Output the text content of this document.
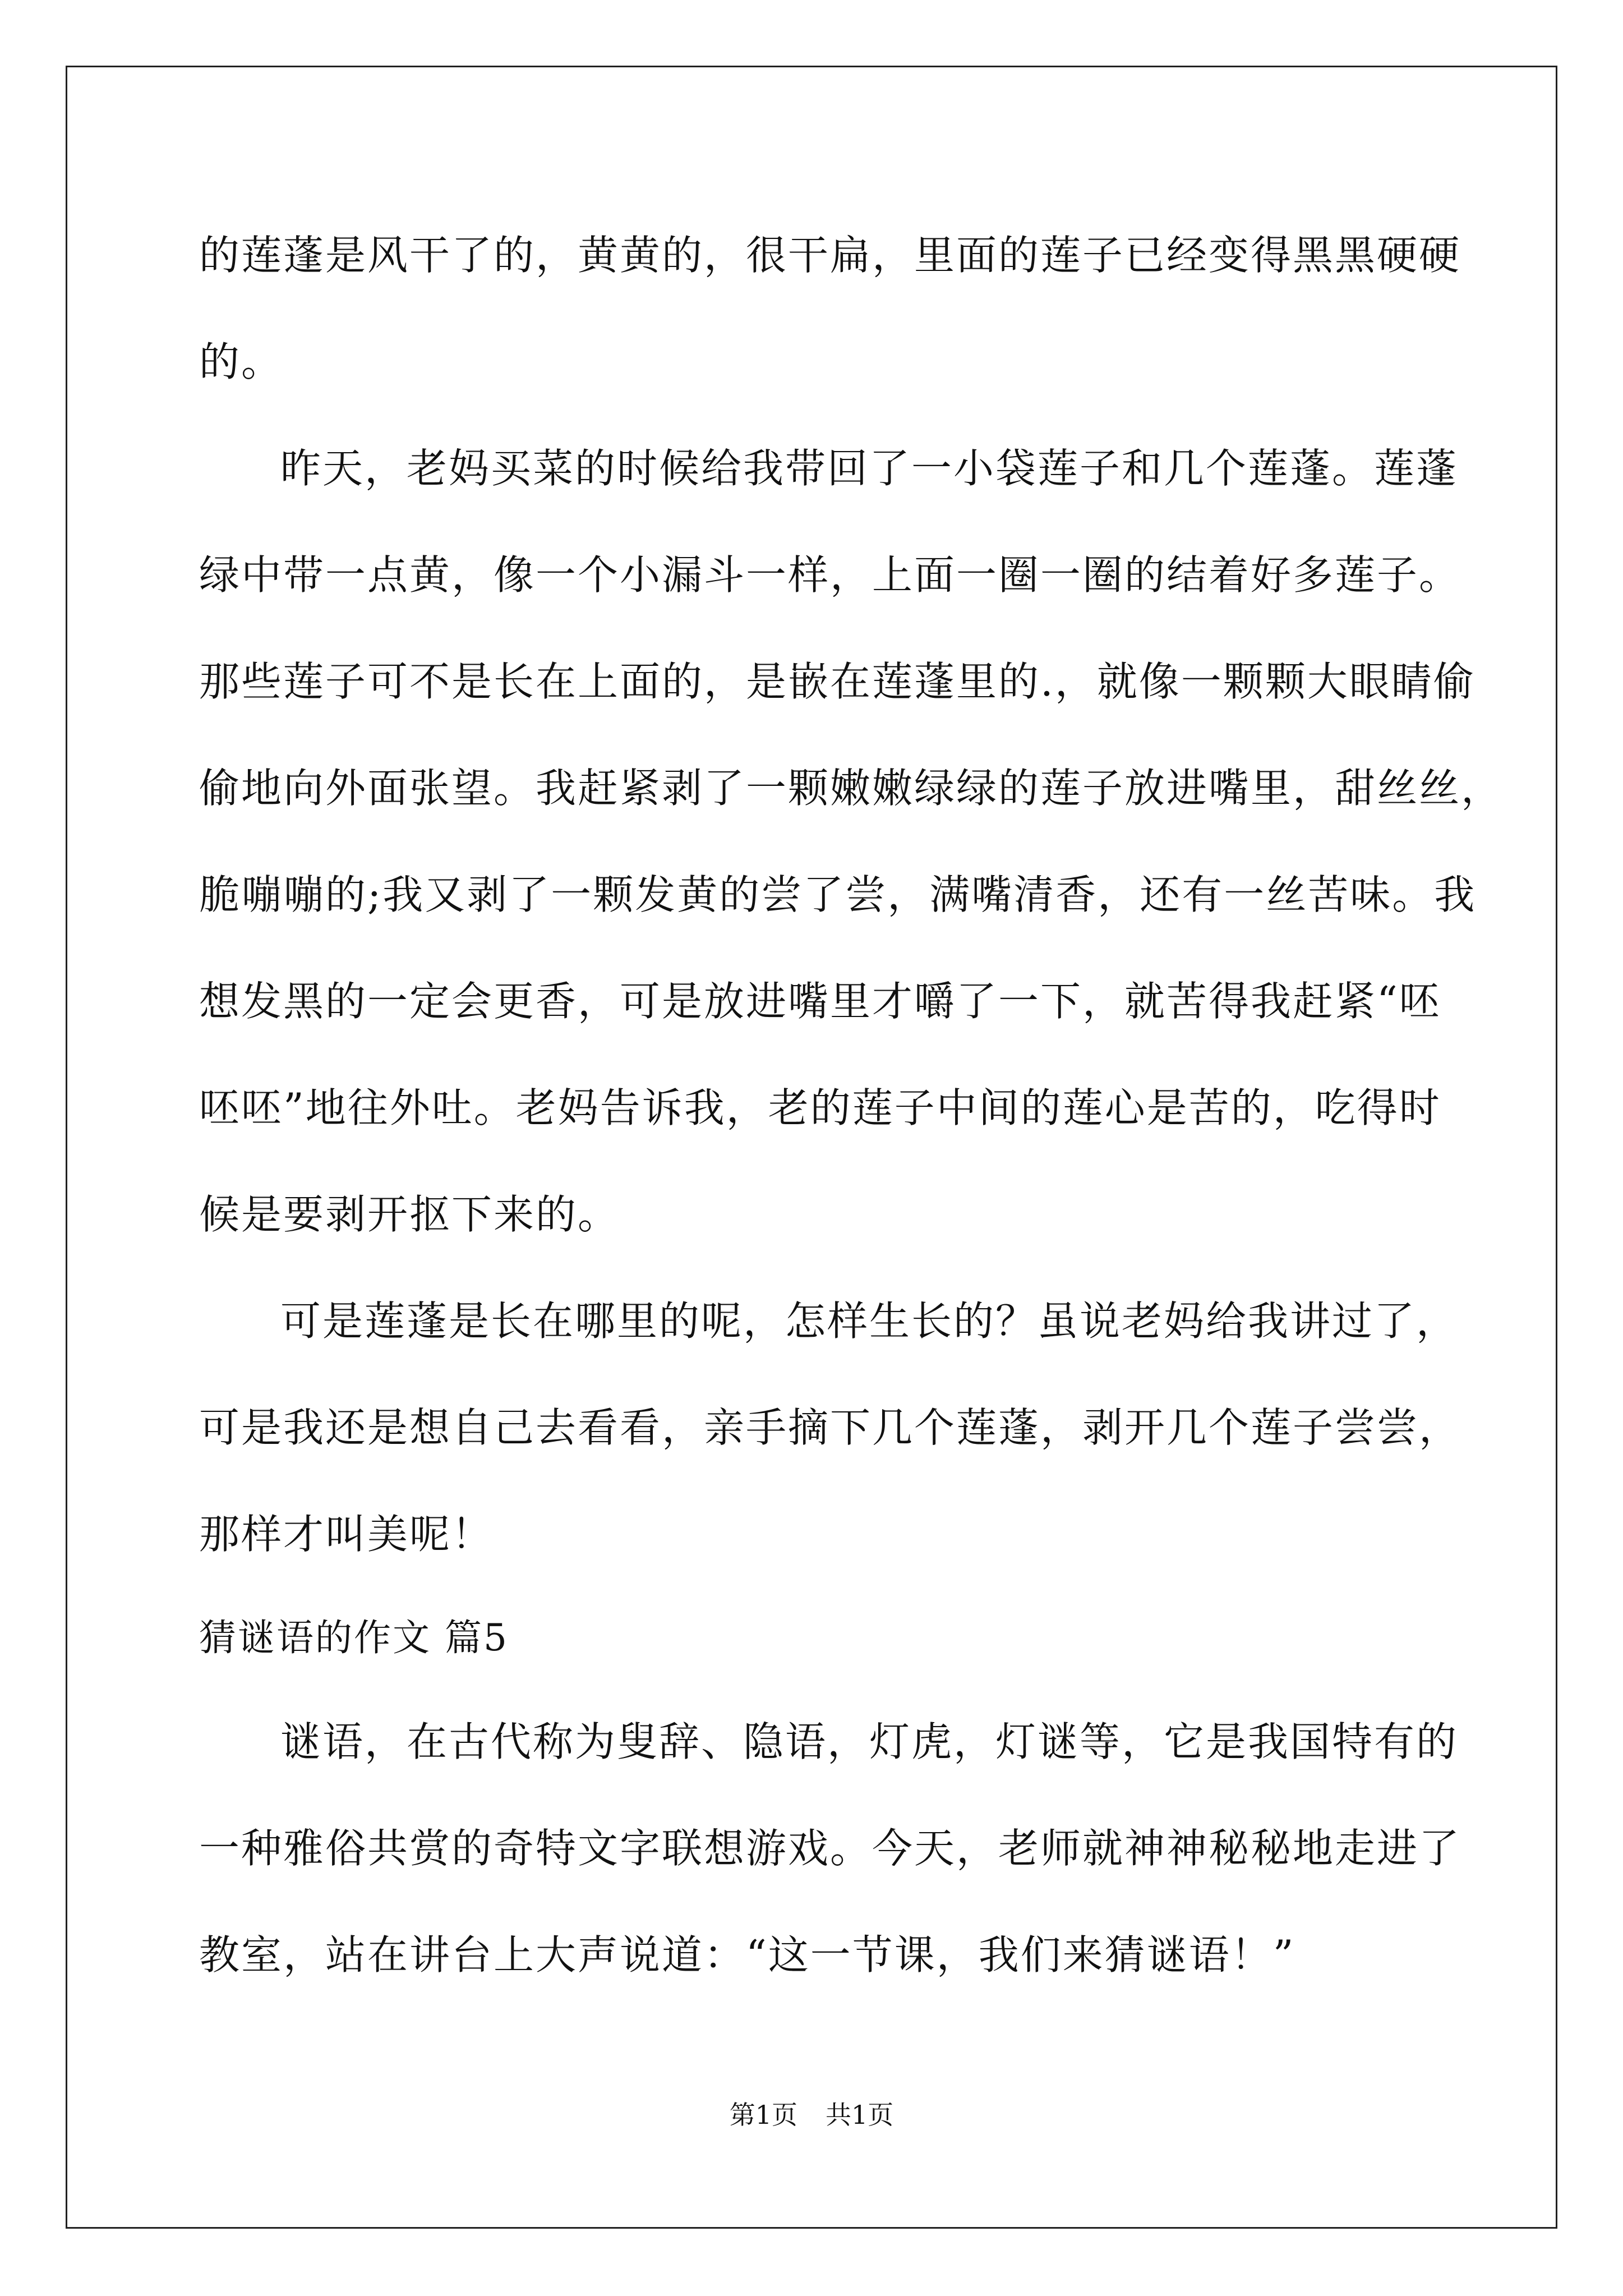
的莲蓬是风干了的，黄黄的，很干扁，里面的莲子已经变得黑黑硬硬
的。
昨天，老妈买菜的时候给我带回了一小袋莲子和几个莲蓬。莲蓬
绿中带一点黄，像一个小漏斗一样，上面一圈一圈的结着好多莲子。
那些莲子可不是长在上面的，是嵌在莲蓬里的.，就像一颗颗大眼睛偷
偷地向外面张望。我赶紧剥了一颗嫩嫩绿绿的莲子放进嘴里，甜丝丝，
脆嘣嘣的;我又剥了一颗发黄的尝了尝，满嘴清香，还有一丝苦味。我
想发黑的一定会更香，可是放进嘴里才嚼了一下，就苦得我赶紧“呸
呸呸”地往外吐。老妈告诉我，老的莲子中间的莲心是苦的，吃得时
候是要剥开抠下来的。
可是莲蓬是长在哪里的呢，怎样生长的？虽说老妈给我讲过了，
可是我还是想自己去看看，亲手摘下几个莲蓬，剥开几个莲子尝尝，
那样才叫美呢！
猜谜语的作文 篇5
谜语，在古代称为叟辞、隐语，灯虎，灯谜等，它是我国特有的
一种雅俗共赏的奇特文字联想游戏。今天，老师就神神秘秘地走进了
教室，站在讲台上大声说道：“这一节课，我们来猜谜语！”
第1页 共1页
